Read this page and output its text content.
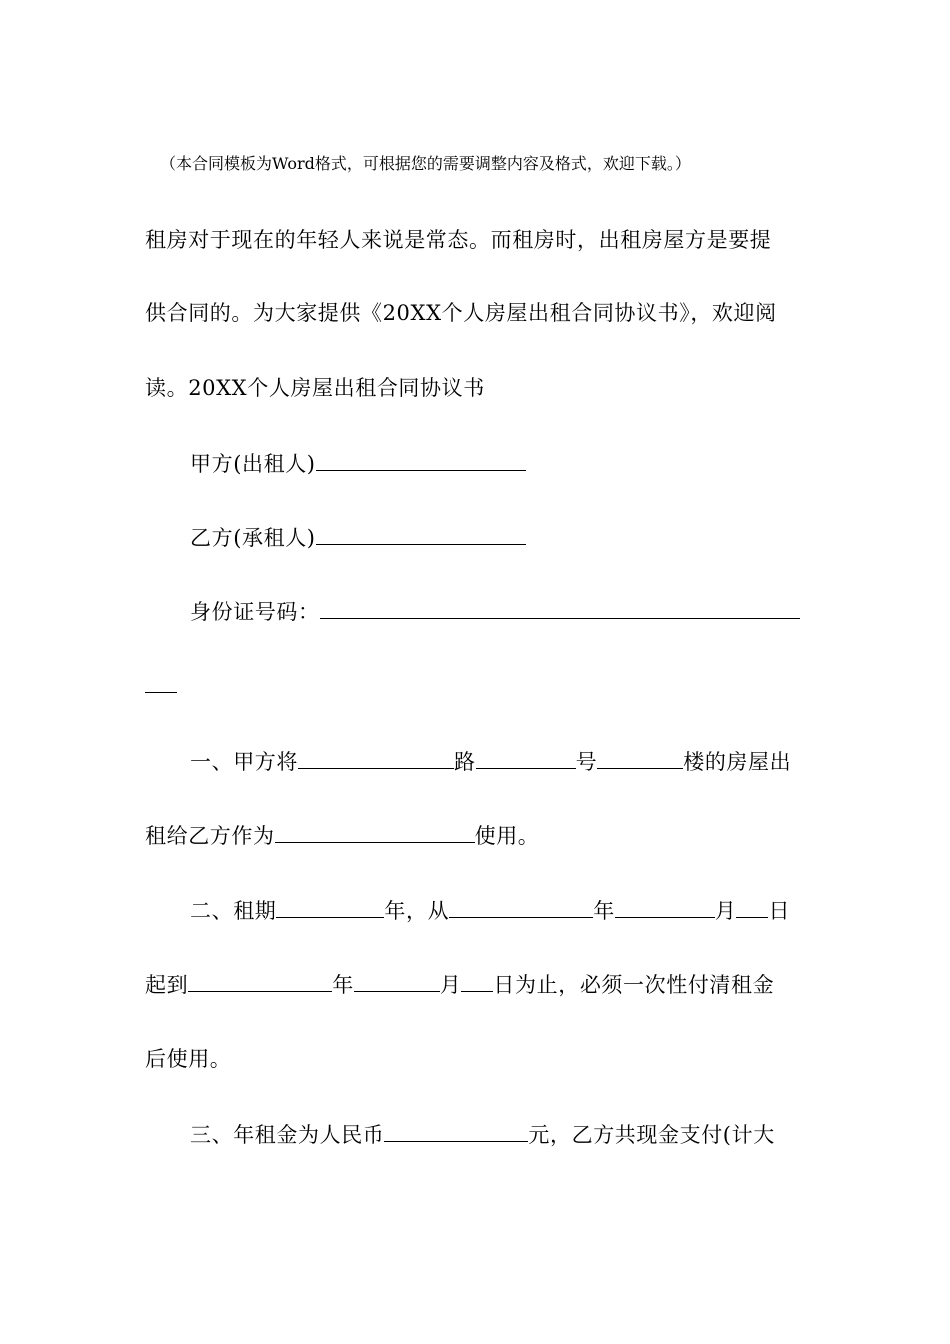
（本合同模板为Word格式，可根据您的需要调整内容及格式，欢迎下载。）
租房对于现在的年轻人来说是常态。而租房时，出租房屋方是要提
供合同的。为大家提供《20XX个人房屋出租合同协议书》，欢迎阅
读。20XX个人房屋出租合同协议书
甲方(出租人)
乙方(承租人)
身份证号码：
一、甲方将	路	号	楼的房屋出
租给乙方作为	使用。
二、租期	年，从	年	月 日
起到	年	月 日为止，必须一次性付清租金
后使用。
三、年租金为人民币	元，乙方共现金支付(计大
